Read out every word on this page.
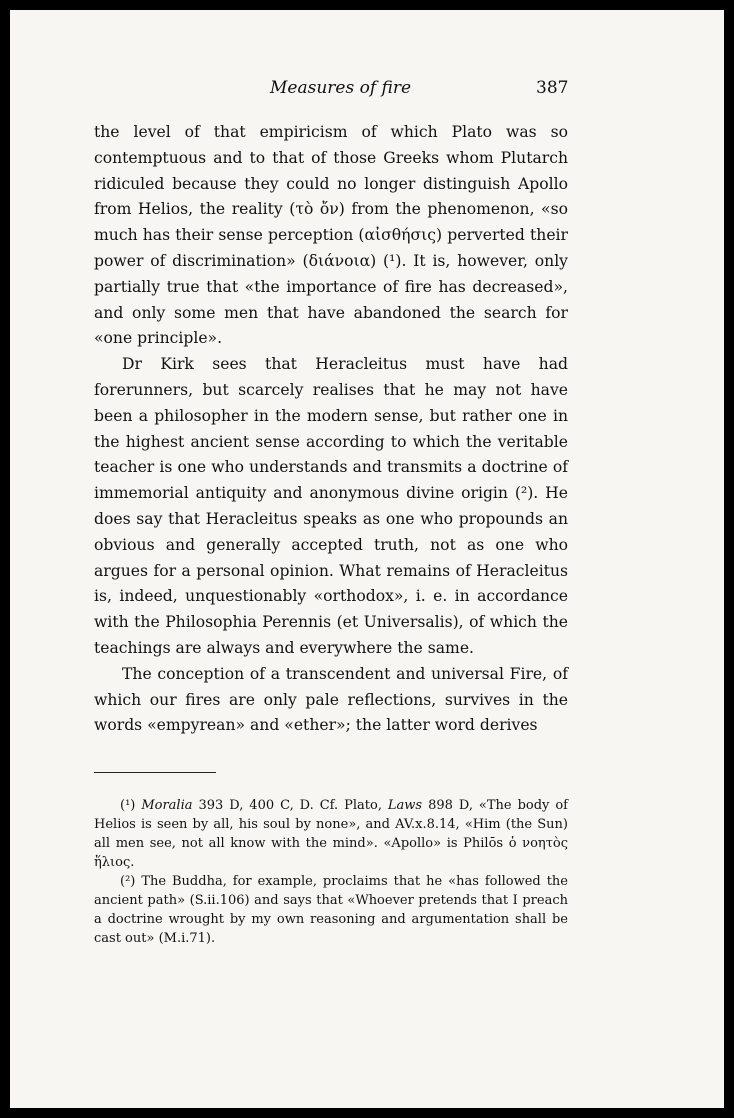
Measures of fire	387

the level of that empiricism of which Plato was so contemptuous and to that of those Greeks whom Plutarch ridiculed because they could no longer distinguish Apollo from Helios, the reality (τὸ ὄν) from the phenomenon, «so much has their sense perception (αἰσθήσις) perverted their power of discrimination» (διάνοια) (¹). It is, however, only partially true that «the importance of fire has decreased», and only some men that have abandoned the search for «one principle».

Dr Kirk sees that Heracleitus must have had forerunners, but scarcely realises that he may not have been a philosopher in the modern sense, but rather one in the highest ancient sense according to which the veritable teacher is one who understands and transmits a doctrine of immemorial antiquity and anonymous divine origin (²). He does say that Heracleitus speaks as one who propounds an obvious and generally accepted truth, not as one who argues for a personal opinion. What remains of Heracleitus is, indeed, unquestionably «orthodox», i. e. in accordance with the Philosophia Perennis (et Universalis), of which the teachings are always and everywhere the same.

The conception of a transcendent and universal Fire, of which our fires are only pale reflections, survives in the words «empyrean» and «ether»; the latter word derives

(¹) Moralia 393 D, 400 C, D. Cf. Plato, Laws 898 D, «The body of Helios is seen by all, his soul by none», and AV.x.8.14, «Him (the Sun) all men see, not all know with the mind». «Apollo» is Philōs ὁ νοητὸς ἥλιος.

(²) The Buddha, for example, proclaims that he «has followed the ancient path» (S.ii.106) and says that «Whoever pretends that I preach a doctrine wrought by my own reasoning and argumentation shall be cast out» (M.i.71).
